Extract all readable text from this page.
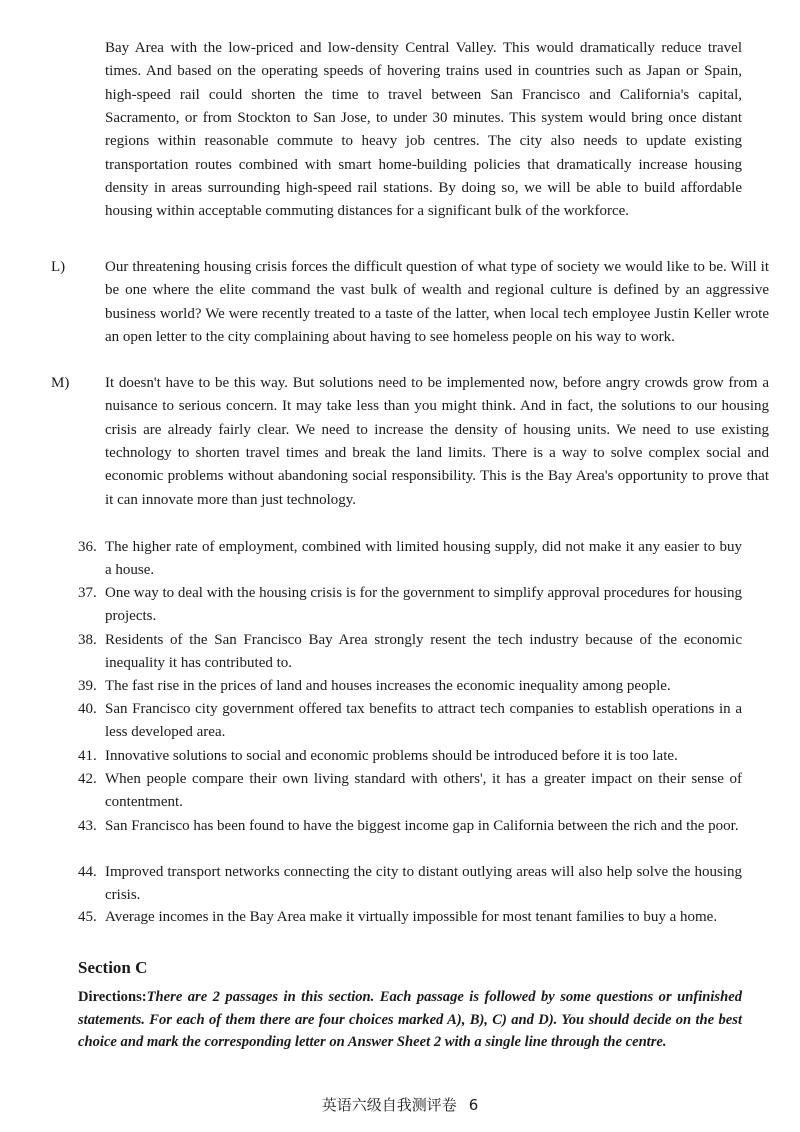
Bay Area with the low-priced and low-density Central Valley. This would dramatically reduce travel times. And based on the operating speeds of hovering trains used in countries such as Japan or Spain, high-speed rail could shorten the time to travel between San Francisco and California's capital, Sacramento, or from Stockton to San Jose, to under 30 minutes. This system would bring once distant regions within reasonable commute to heavy job centres. The city also needs to update existing transportation routes combined with smart home-building policies that dramatically increase housing density in areas surrounding high-speed rail stations. By doing so, we will be able to build affordable housing within acceptable commuting distances for a significant bulk of the workforce.
L)	Our threatening housing crisis forces the difficult question of what type of society we would like to be. Will it be one where the elite command the vast bulk of wealth and regional culture is defined by an aggressive business world? We were recently treated to a taste of the latter, when local tech employee Justin Keller wrote an open letter to the city complaining about having to see homeless people on his way to work.
M) It doesn't have to be this way. But solutions need to be implemented now, before angry crowds grow from a nuisance to serious concern. It may take less than you might think. And in fact, the solutions to our housing crisis are already fairly clear. We need to increase the density of housing units. We need to use existing technology to shorten travel times and break the land limits. There is a way to solve complex social and economic problems without abandoning social responsibility. This is the Bay Area's opportunity to prove that it can innovate more than just technology.
36. The higher rate of employment, combined with limited housing supply, did not make it any easier to buy a house.
37. One way to deal with the housing crisis is for the government to simplify approval procedures for housing projects.
38. Residents of the San Francisco Bay Area strongly resent the tech industry because of the economic inequality it has contributed to.
39. The fast rise in the prices of land and houses increases the economic inequality among people.
40. San Francisco city government offered tax benefits to attract tech companies to establish operations in a less developed area.
41. Innovative solutions to social and economic problems should be introduced before it is too late.
42. When people compare their own living standard with others', it has a greater impact on their sense of contentment.
43. San Francisco has been found to have the biggest income gap in California between the rich and the poor.
44. Improved transport networks connecting the city to distant outlying areas will also help solve the housing crisis.
45. Average incomes in the Bay Area make it virtually impossible for most tenant families to buy a home.
Section C
Directions:There are 2 passages in this section. Each passage is followed by some questions or unfinished statements. For each of them there are four choices marked A), B), C) and D). You should decide on the best choice and mark the corresponding letter on Answer Sheet 2 with a single line through the centre.
英语六级自我测评卷 6
